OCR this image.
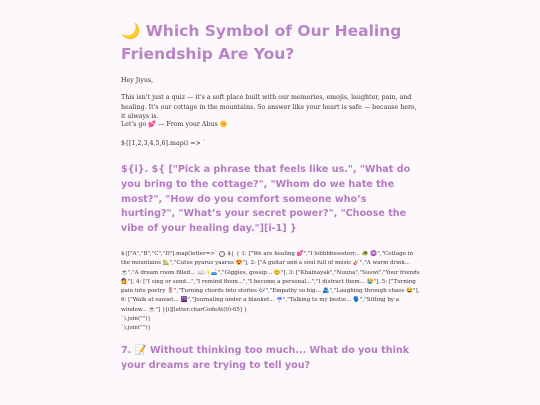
🌙 Which Symbol of Our Healing Friendship Are You?

Hey Jiyus,

This isn't just a quiz — it's a soft place built with our memories, emojis, laughter, pain, and healing. It's our cottage in the mountains. So answer like your heart is safe — because here, it always is.

Let's go 💕 — From your Abus 🌼

${[1,2,3,4,5,6].map(i => `

${i}. ${ ["Pick a phrase that feels like us.", "What do you bring to the cottage?", "Whom do we hate the most?", "How do you comfort someone who’s hurting?", "What’s your secret power?", "Choose the vibe of your healing day."][i-1] }

${["A","B","C","D"].map(letter=>` ${ { 1: ["We are healing 💕","I lobbbbssssterr... 🐢 ♒","Cottage in the mountains 🏡","Cutus pyarus yaarus 😍"], 2: ["A guitar and a soul full of music 🎸","A warm drink... ☕","A dream room filled... 📖✨🛋️","Giggles, gossip... 😊"], 3: ["Khalnayak","Nuuna","Suswi","Your friends 💁"], 4: ["I sing or send...","I remind them...","I become a personal...","I distract them... 😭"], 5: ["Turning pain into poetry 🌷","Turning chords into stories 🎶","Empathy so big... 🫂","Laughing through chaos 😂"], 6: ["Walk at sunset... 🌆","Journaling under a blanket... ☔","Talking to my bestie... 🗣️","Sitting by a window... ☕"] }[i][letter.charCodeAt(0)-65] }
`).join("")}
`).join("")}

7. 📝 Without thinking too much... What do you think your dreams are trying to tell you?
